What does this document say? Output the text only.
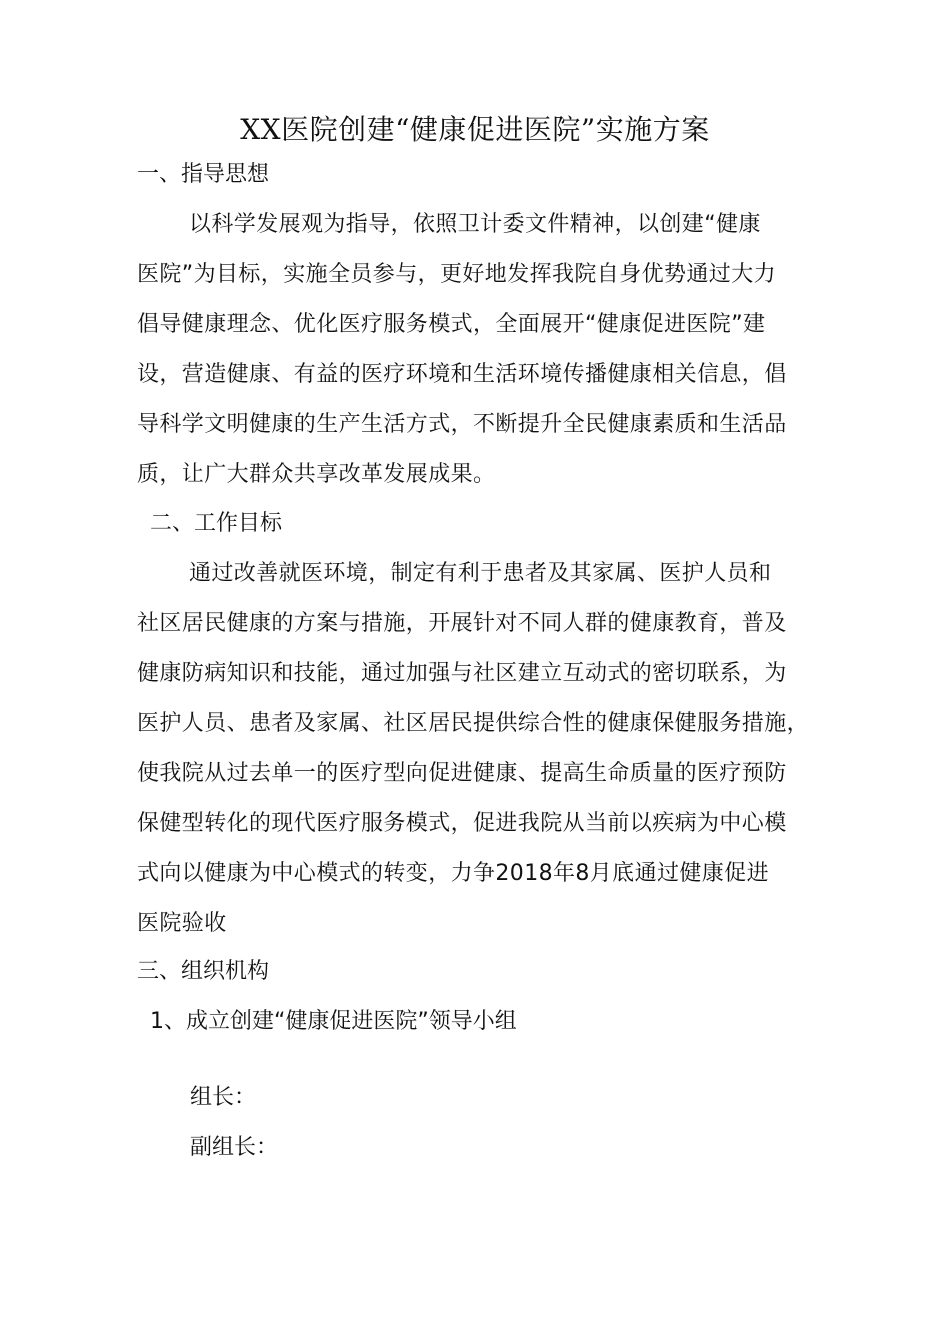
XX医院创建“健康促进医院”实施方案
一、指导思想
以科学发展观为指导，依照卫计委文件精神，以创建“健康
医院”为目标，实施全员参与，更好地发挥我院自身优势通过大力
倡导健康理念、优化医疗服务模式，全面展开“健康促进医院”建
设，营造健康、有益的医疗环境和生活环境传播健康相关信息，倡
导科学文明健康的生产生活方式，不断提升全民健康素质和生活品
质，让广大群众共享改革发展成果。
二、工作目标
通过改善就医环境，制定有利于患者及其家属、医护人员和
社区居民健康的方案与措施，开展针对不同人群的健康教育，普及
健康防病知识和技能，通过加强与社区建立互动式的密切联系，为
医护人员、患者及家属、社区居民提供综合性的健康保健服务措施，
使我院从过去单一的医疗型向促进健康、提高生命质量的医疗预防
保健型转化的现代医疗服务模式，促进我院从当前以疾病为中心模
式向以健康为中心模式的转变，力争2018年8月底通过健康促进
医院验收
三、组织机构
1、成立创建“健康促进医院”领导小组
组长：
副组长：
